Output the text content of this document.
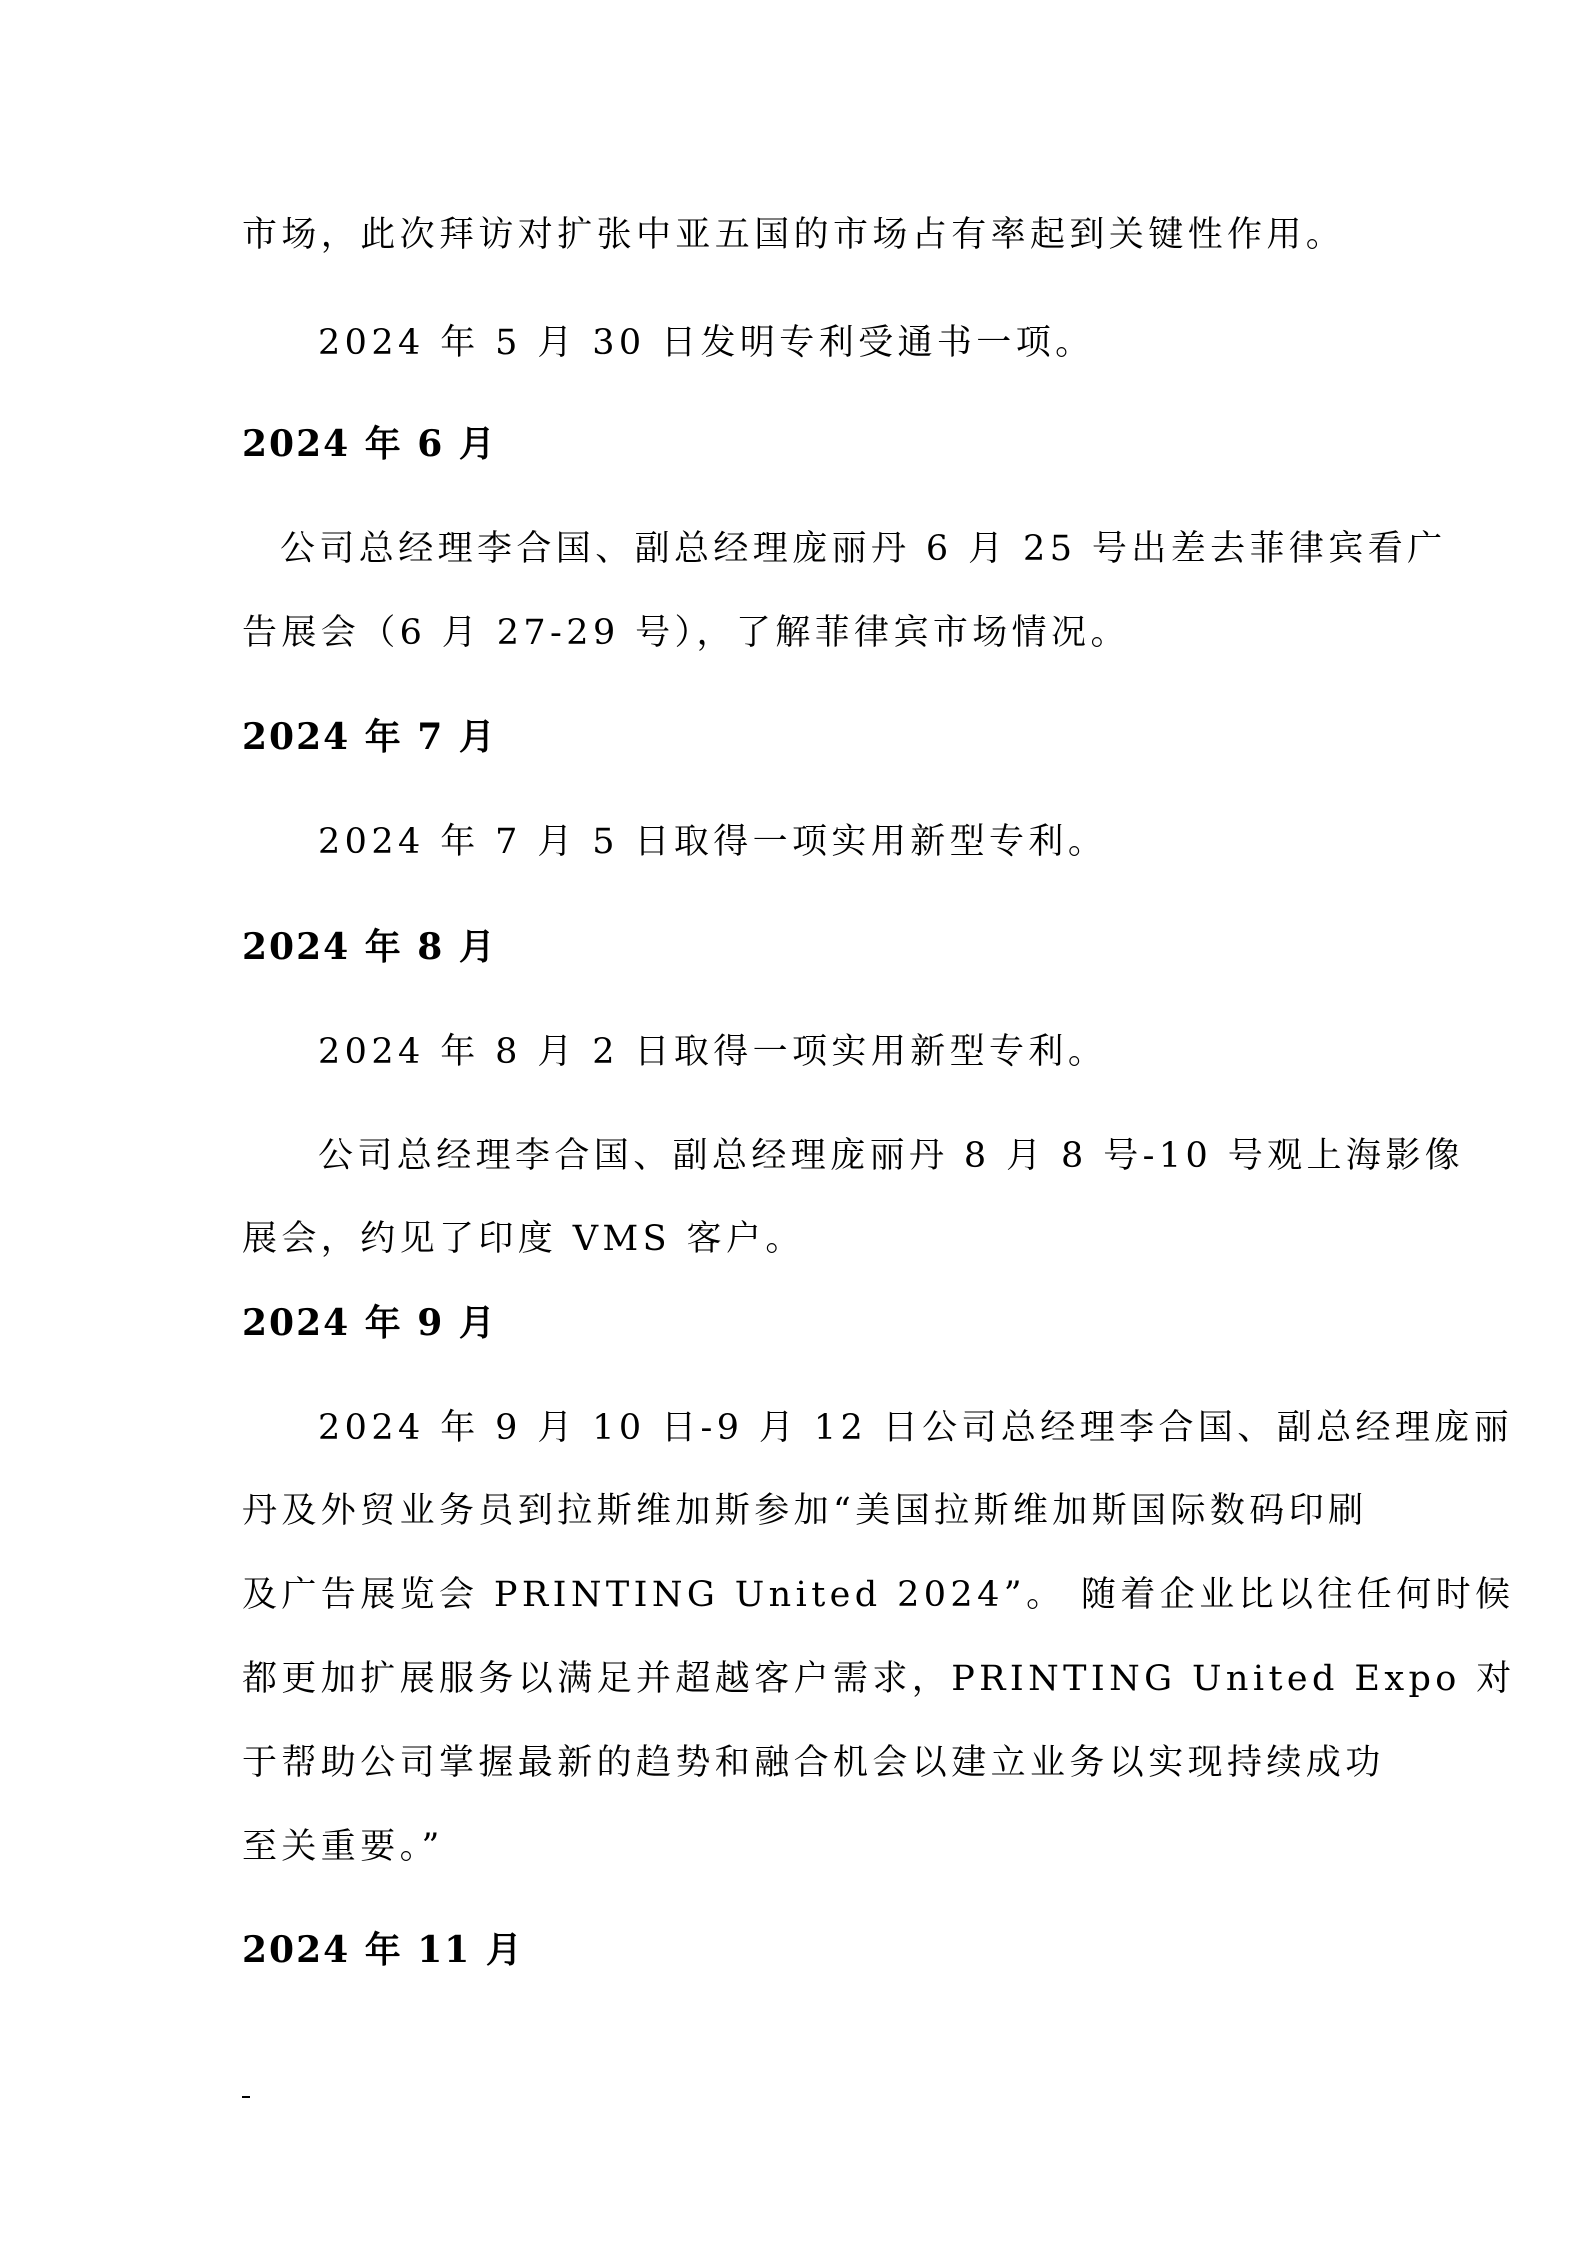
市场，此次拜访对扩张中亚五国的市场占有率起到关键性作用。
2024 年 5 月 30 日发明专利受通书一项。
2024 年 6 月
公司总经理李合国、副总经理庞丽丹 6 月 25 号出差去菲律宾看广
告展会（6 月 27-29 号），了解菲律宾市场情况。
2024 年 7 月
2024 年 7 月 5 日取得一项实用新型专利。
2024 年 8 月
2024 年 8 月 2 日取得一项实用新型专利。
公司总经理李合国、副总经理庞丽丹 8 月 8 号-10 号观上海影像
展会，约见了印度 VMS 客户。
2024 年 9 月
2024 年 9 月 10 日-9 月 12 日公司总经理李合国、副总经理庞丽
丹及外贸业务员到拉斯维加斯参加“美国拉斯维加斯国际数码印刷
及广告展览会 PRINTING United 2024”。 随着企业比以往任何时候
都更加扩展服务以满足并超越客户需求，PRINTING United Expo 对
于帮助公司掌握最新的趋势和融合机会以建立业务以实现持续成功
至关重要。”
2024 年 11 月
